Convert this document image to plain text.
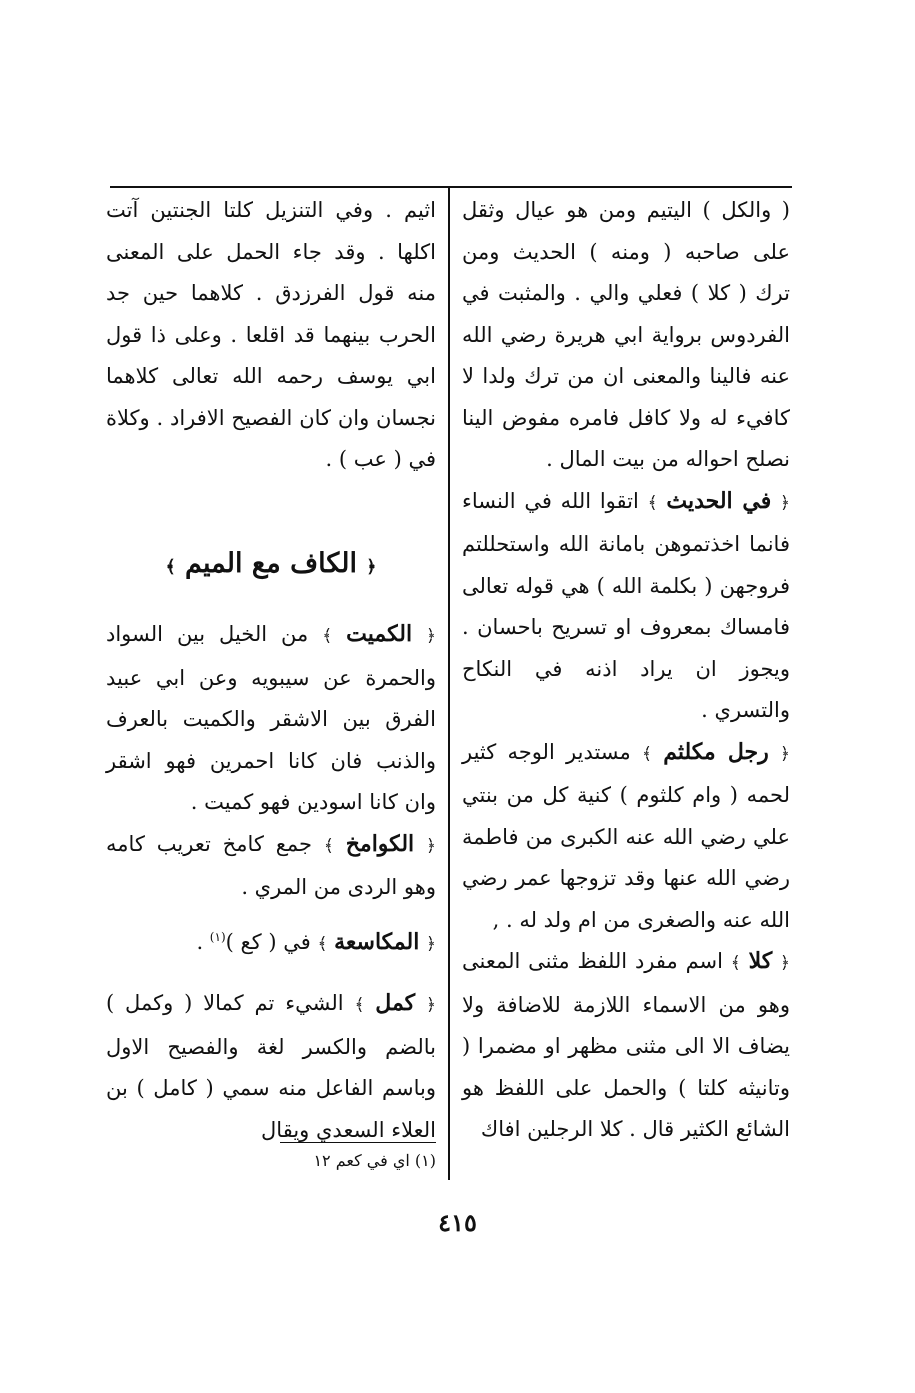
( والكل ) اليتيم ومن هو عيال وثقل على صاحبه ( ومنه ) الحديث ومن ترك ( كلا ) فعلي والي . والمثبت في الفردوس برواية ابي هريرة رضي الله عنه فالينا والمعنى ان من ترك ولدا لا كافيء له ولا كافل فامره مفوض الينا نصلح احواله من بيت المال .

﴿ في الحديث ﴾ اتقوا الله في النساء فانما اخذتموهن بامانة الله واستحللتم فروجهن ( بكلمة الله ) هي قوله تعالى فامساك بمعروف او تسريح باحسان . ويجوز ان يراد اذنه في النكاح والتسري .

﴿ رجل مكلثم ﴾ مستدير الوجه كثير لحمه ( وام كلثوم ) كنية كل من بنتي علي رضي الله عنه الكبرى من فاطمة رضي الله عنها وقد تزوجها عمر رضي الله عنه والصغرى من ام ولد له . ,

﴿ كلا ﴾ اسم مفرد اللفظ مثنى المعنى وهو من الاسماء اللازمة للاضافة ولا يضاف الا الى مثنى مظهر او مضمرا ( وتانيثه كلتا ) والحمل على اللفظ هو الشائع الكثير قال . كلا الرجلين افاك

اثيم . وفي التنزيل كلتا الجنتين آتت اكلها . وقد جاء الحمل على المعنى منه قول الفرزدق . كلاهما حين جد الحرب بينهما قد اقلعا . وعلى ذا قول ابي يوسف رحمه الله تعالى كلاهما نجسان وان كان الفصيح الافراد . وكلاة في ( عب ) .

﴿ الكاف مع الميم ﴾

﴿ الكميت ﴾ من الخيل بين السواد والحمرة عن سيبويه وعن ابي عبيد الفرق بين الاشقر والكميت بالعرف والذنب فان كانا احمرين فهو اشقر وان كانا اسودين فهو كميت .

﴿ الكوامخ ﴾ جمع كامخ تعريب كامه وهو الردى من المري .

﴿ المكاسعة ﴾ في ( كع )$^{(١)}$ .

﴿ كمل ﴾ الشيء تم كمالا ( وكمل ) بالضم والكسر لغة والفصيح الاول وباسم الفاعل منه سمي ( كامل ) بن العلاء السعدي ويقال

(١) اي في كعم ١٢
٤١٥
